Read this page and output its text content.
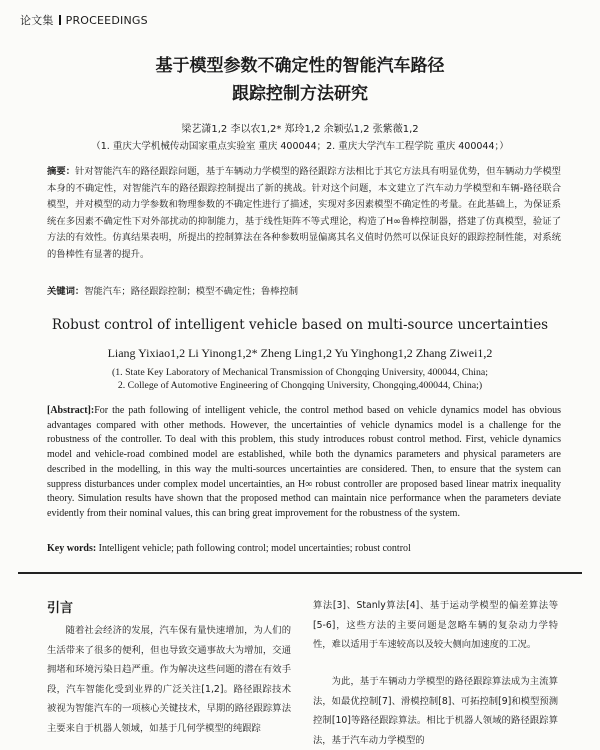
论文集 PROCEEDINGS
基于模型参数不确定性的智能汽车路径
跟踪控制方法研究
梁艺潇1,2 李以农1,2* 郑玲1,2 余颖弘1,2 张紫薇1,2
（1. 重庆大学机械传动国家重点实验室 重庆 400044；2. 重庆大学汽车工程学院 重庆 400044；）
摘要：针对智能汽车的路径跟踪问题，基于车辆动力学模型的路径跟踪方法相比于其它方法具有明显优势，但车辆动力学模型本身的不确定性，对智能汽车的路径跟踪控制提出了新的挑战。针对这个问题，本文建立了汽车动力学模型和车辆-路径联合模型，并对模型的动力学参数和物理参数的不确定性进行了描述，实现对多因素模型不确定性的考量。在此基础上，为保证系统在多因素不确定性下对外部扰动的抑制能力，基于线性矩阵不等式理论，构造了H∞鲁棒控制器，搭建了仿真模型，验证了方法的有效性。仿真结果表明，所提出的控制算法在各种参数明显偏离其名义值时仍然可以保证良好的跟踪控制性能，对系统的鲁棒性有显著的提升。
关键词：智能汽车；路径跟踪控制；模型不确定性；鲁棒控制
Robust control of intelligent vehicle based on multi-source uncertainties
Liang Yixiao1,2 Li Yinong1,2* Zheng Ling1,2 Yu Yinghong1,2 Zhang Ziwei1,2
(1. State Key Laboratory of Mechanical Transmission of Chongqing University, 400044, China;
2. College of Automotive Engineering of Chongqing University, Chongqing,400044, China;)
[Abstract]:For the path following of intelligent vehicle, the control method based on vehicle dynamics model has obvious advantages compared with other methods. However, the uncertainties of vehicle dynamics model is a challenge for the robustness of the controller. To deal with this problem, this study introduces robust control method. First, vehicle dynamics model and vehicle-road combined model are established, while both the dynamics parameters and physical parameters are described in the modelling, in this way the multi-sources uncertainties are considered. Then, to ensure that the system can suppress disturbances under complex model uncertainties, an H∞ robust controller are proposed based linear matrix inequality theory. Simulation results have shown that the proposed method can maintain nice performance when the parameters deviate evidently from their nominal values, this can bring great improvement for the robustness of the system.
Key words: Intelligent vehicle; path following control; model uncertainties; robust control
引言
随着社会经济的发展，汽车保有量快速增加，为人们的生活带来了很多的便利，但也导致交通事故大为增加，交通拥堵和环境污染日趋严重。作为解决这些问题的潜在有效手段，汽车智能化受到业界的广泛关注[1,2]。路径跟踪技术被视为智能汽车的一项核心关键技术，早期的路径跟踪算法主要来自于机器人领域，如基于几何学模型的纯跟踪
算法[3]、Stanly算法[4]、基于运动学模型的偏差算法等[5-6]，这些方法的主要问题是忽略车辆的复杂动力学特性，难以适用于车速较高以及较大侧向加速度的工况。
为此，基于车辆动力学模型的路径跟踪算法成为主流算法，如最优控制[7]、滑模控制[8]、可拓控制[9]和模型预测控制[10]等路径跟踪算法。相比于机器人领域的路径跟踪算法，基于汽车动力学模型的
